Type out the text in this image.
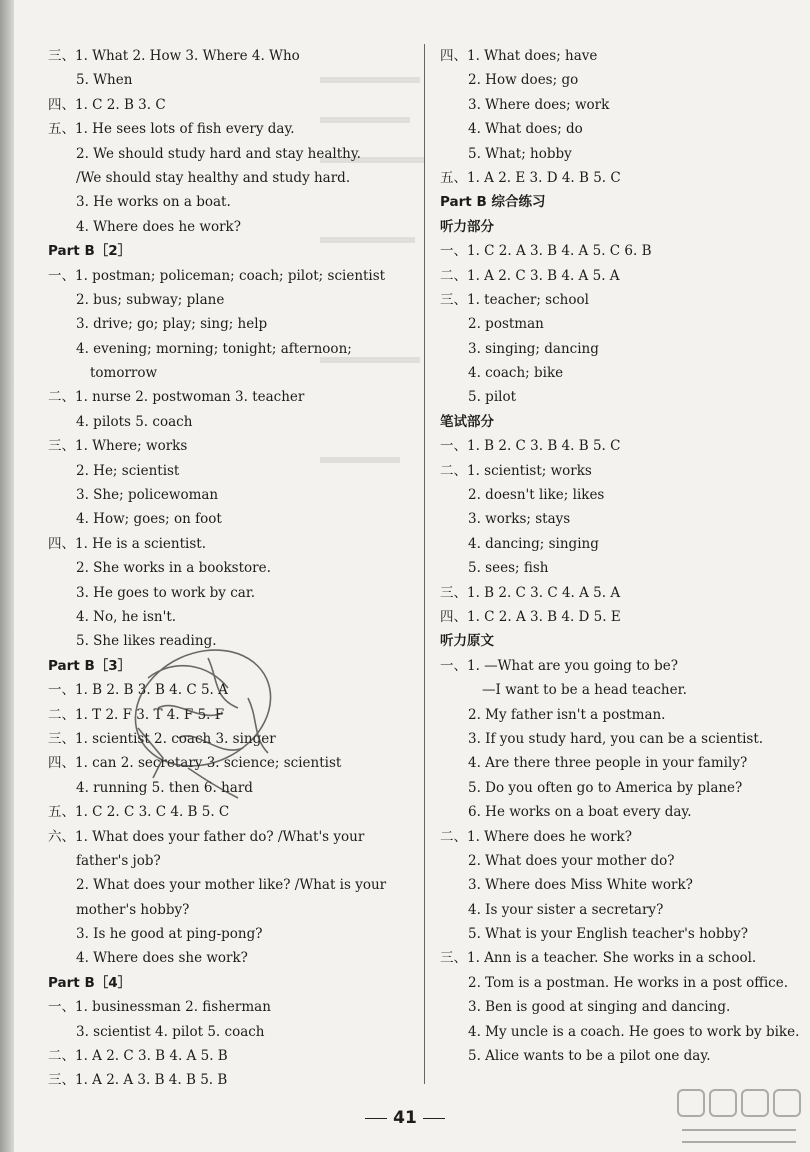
三、1. What 2. How 3. Where 4. Who
5. When
四、1. C 2. B 3. C
五、1. He sees lots of fish every day.
2. We should study hard and stay healthy.
/We should stay healthy and study hard.
3. He works on a boat.
4. Where does he work?
Part B［2］
一、1. postman; policeman; coach; pilot; scientist
2. bus; subway; plane
3. drive; go; play; sing; help
4. evening; morning; tonight; afternoon;
tomorrow
二、1. nurse 2. postwoman 3. teacher
4. pilots 5. coach
三、1. Where; works
2. He; scientist
3. She; policewoman
4. How; goes; on foot
四、1. He is a scientist.
2. She works in a bookstore.
3. He goes to work by car.
4. No, he isn't.
5. She likes reading.
Part B［3］
一、1. B 2. B 3. B 4. C 5. A
二、1. T 2. F 3. T 4. F 5. F
三、1. scientist 2. coach 3. singer
四、1. can 2. secretary 3. science; scientist
4. running 5. then 6. hard
五、1. C 2. C 3. C 4. B 5. C
六、1. What does your father do? /What's your
father's job?
2. What does your mother like? /What is your
mother's hobby?
3. Is he good at ping-pong?
4. Where does she work?
Part B［4］
一、1. businessman 2. fisherman
3. scientist 4. pilot 5. coach
二、1. A 2. C 3. B 4. A 5. B
三、1. A 2. A 3. B 4. B 5. B
四、1. What does; have
2. How does; go
3. Where does; work
4. What does; do
5. What; hobby
五、1. A 2. E 3. D 4. B 5. C
Part B 综合练习
听力部分
一、1. C 2. A 3. B 4. A 5. C 6. B
二、1. A 2. C 3. B 4. A 5. A
三、1. teacher; school
2. postman
3. singing; dancing
4. coach; bike
5. pilot
笔试部分
一、1. B 2. C 3. B 4. B 5. C
二、1. scientist; works
2. doesn't like; likes
3. works; stays
4. dancing; singing
5. sees; fish
三、1. B 2. C 3. C 4. A 5. A
四、1. C 2. A 3. B 4. D 5. E
听力原文
一、1. —What are you going to be?
—I want to be a head teacher.
2. My father isn't a postman.
3. If you study hard, you can be a scientist.
4. Are there three people in your family?
5. Do you often go to America by plane?
6. He works on a boat every day.
二、1. Where does he work?
2. What does your mother do?
3. Where does Miss White work?
4. Is your sister a secretary?
5. What is your English teacher's hobby?
三、1. Ann is a teacher. She works in a school.
2. Tom is a postman. He works in a post office.
3. Ben is good at singing and dancing.
4. My uncle is a coach. He goes to work by bike.
5. Alice wants to be a pilot one day.
41
